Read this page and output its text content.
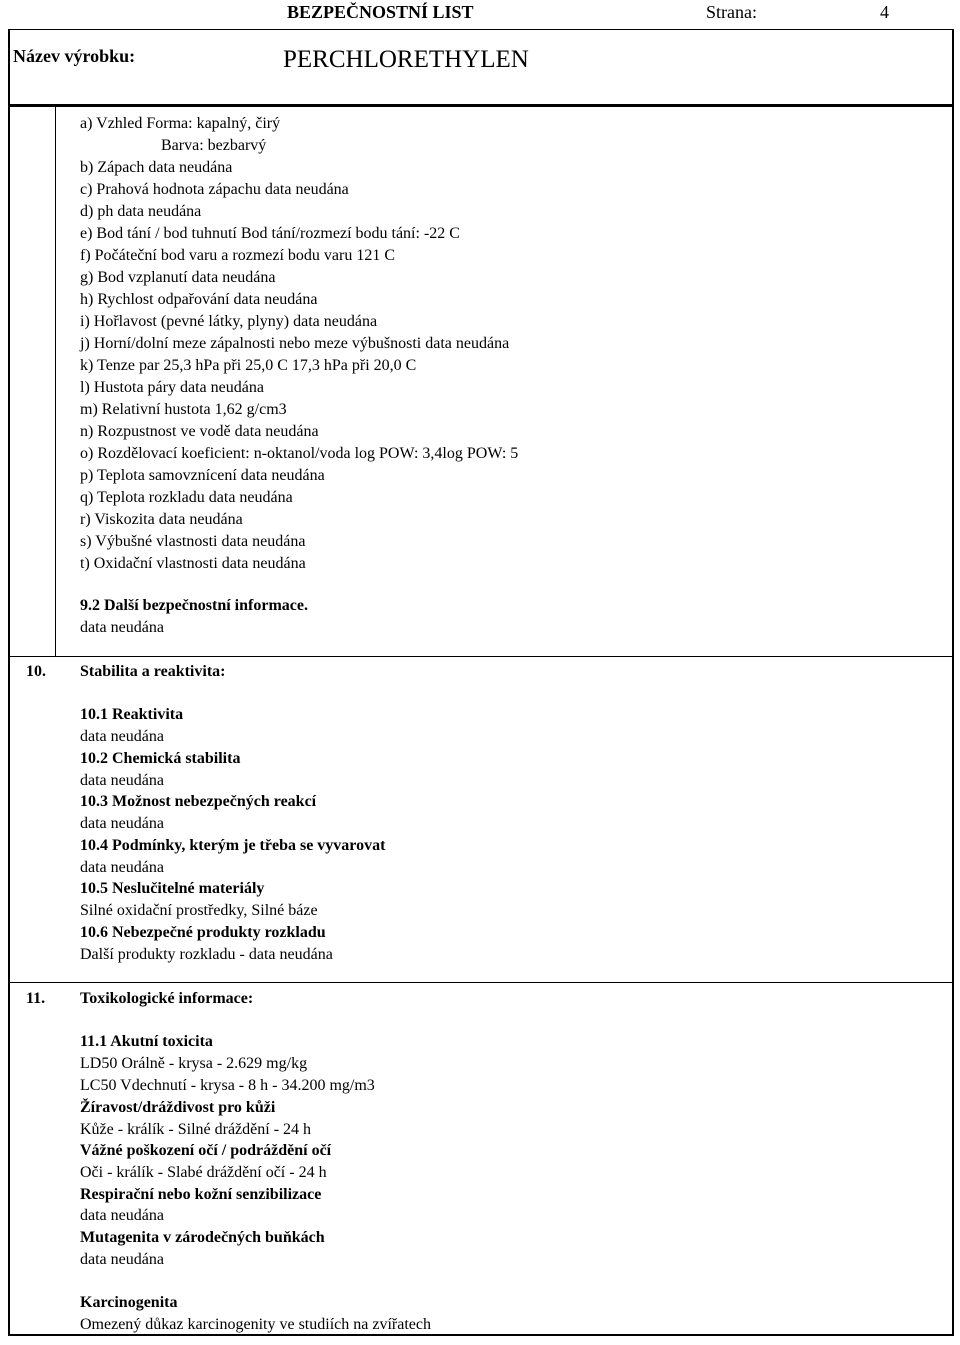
BEZPEČNOSTNÍ LIST	Strana:	4
Název výrobku:	PERCHLORETHYLEN
a) Vzhled Forma: kapalný, čirý
Barva: bezbarvý
b) Zápach data neudána
c) Prahová hodnota zápachu data neudána
d) ph data neudána
e) Bod tání / bod tuhnutí Bod tání/rozmezí bodu tání: -22 C
f) Počáteční bod varu a rozmezí bodu varu 121 C
g) Bod vzplanutí data neudána
h) Rychlost odpařování data neudána
i) Hořlavost (pevné látky, plyny) data neudána
j) Horní/dolní meze zápalnosti nebo meze výbušnosti data neudána
k) Tenze par 25,3 hPa při 25,0 C 17,3 hPa při 20,0 C
l) Hustota páry data neudána
m) Relativní hustota 1,62 g/cm3
n) Rozpustnost ve vodě data neudána
o) Rozdělovací koeficient: n-oktanol/voda log POW: 3,4log POW: 5
p) Teplota samovznícení data neudána
q) Teplota rozkladu data neudána
r) Viskozita data neudána
s) Výbušné vlastnosti data neudána
t) Oxidační vlastnosti data neudána
9.2 Další bezpečnostní informace.
data neudána
10. Stabilita a reaktivita:
10.1 Reaktivita
data neudána
10.2 Chemická stabilita
data neudána
10.3 Možnost nebezpečných reakcí
data neudána
10.4 Podmínky, kterým je třeba se vyvarovat
data neudána
10.5 Neslučitelné materiály
Silné oxidační prostředky, Silné báze
10.6 Nebezpečné produkty rozkladu
Další produkty rozkladu - data neudána
11. Toxikologické informace:
11.1 Akutní toxicita
LD50 Orálně - krysa - 2.629 mg/kg
LC50 Vdechnutí - krysa - 8 h - 34.200 mg/m3
Žíravost/dráždivost pro kůži
Kůže - králík - Silné dráždění - 24 h
Vážné poškození očí / podráždění očí
Oči - králík - Slabé dráždění očí - 24 h
Respirační nebo kožní senzibilizace
data neudána
Mutagenita v zárodečných buňkách
data neudána
Karcinogenita
Omezený důkaz karcinogenity ve studiích na zvířatech
